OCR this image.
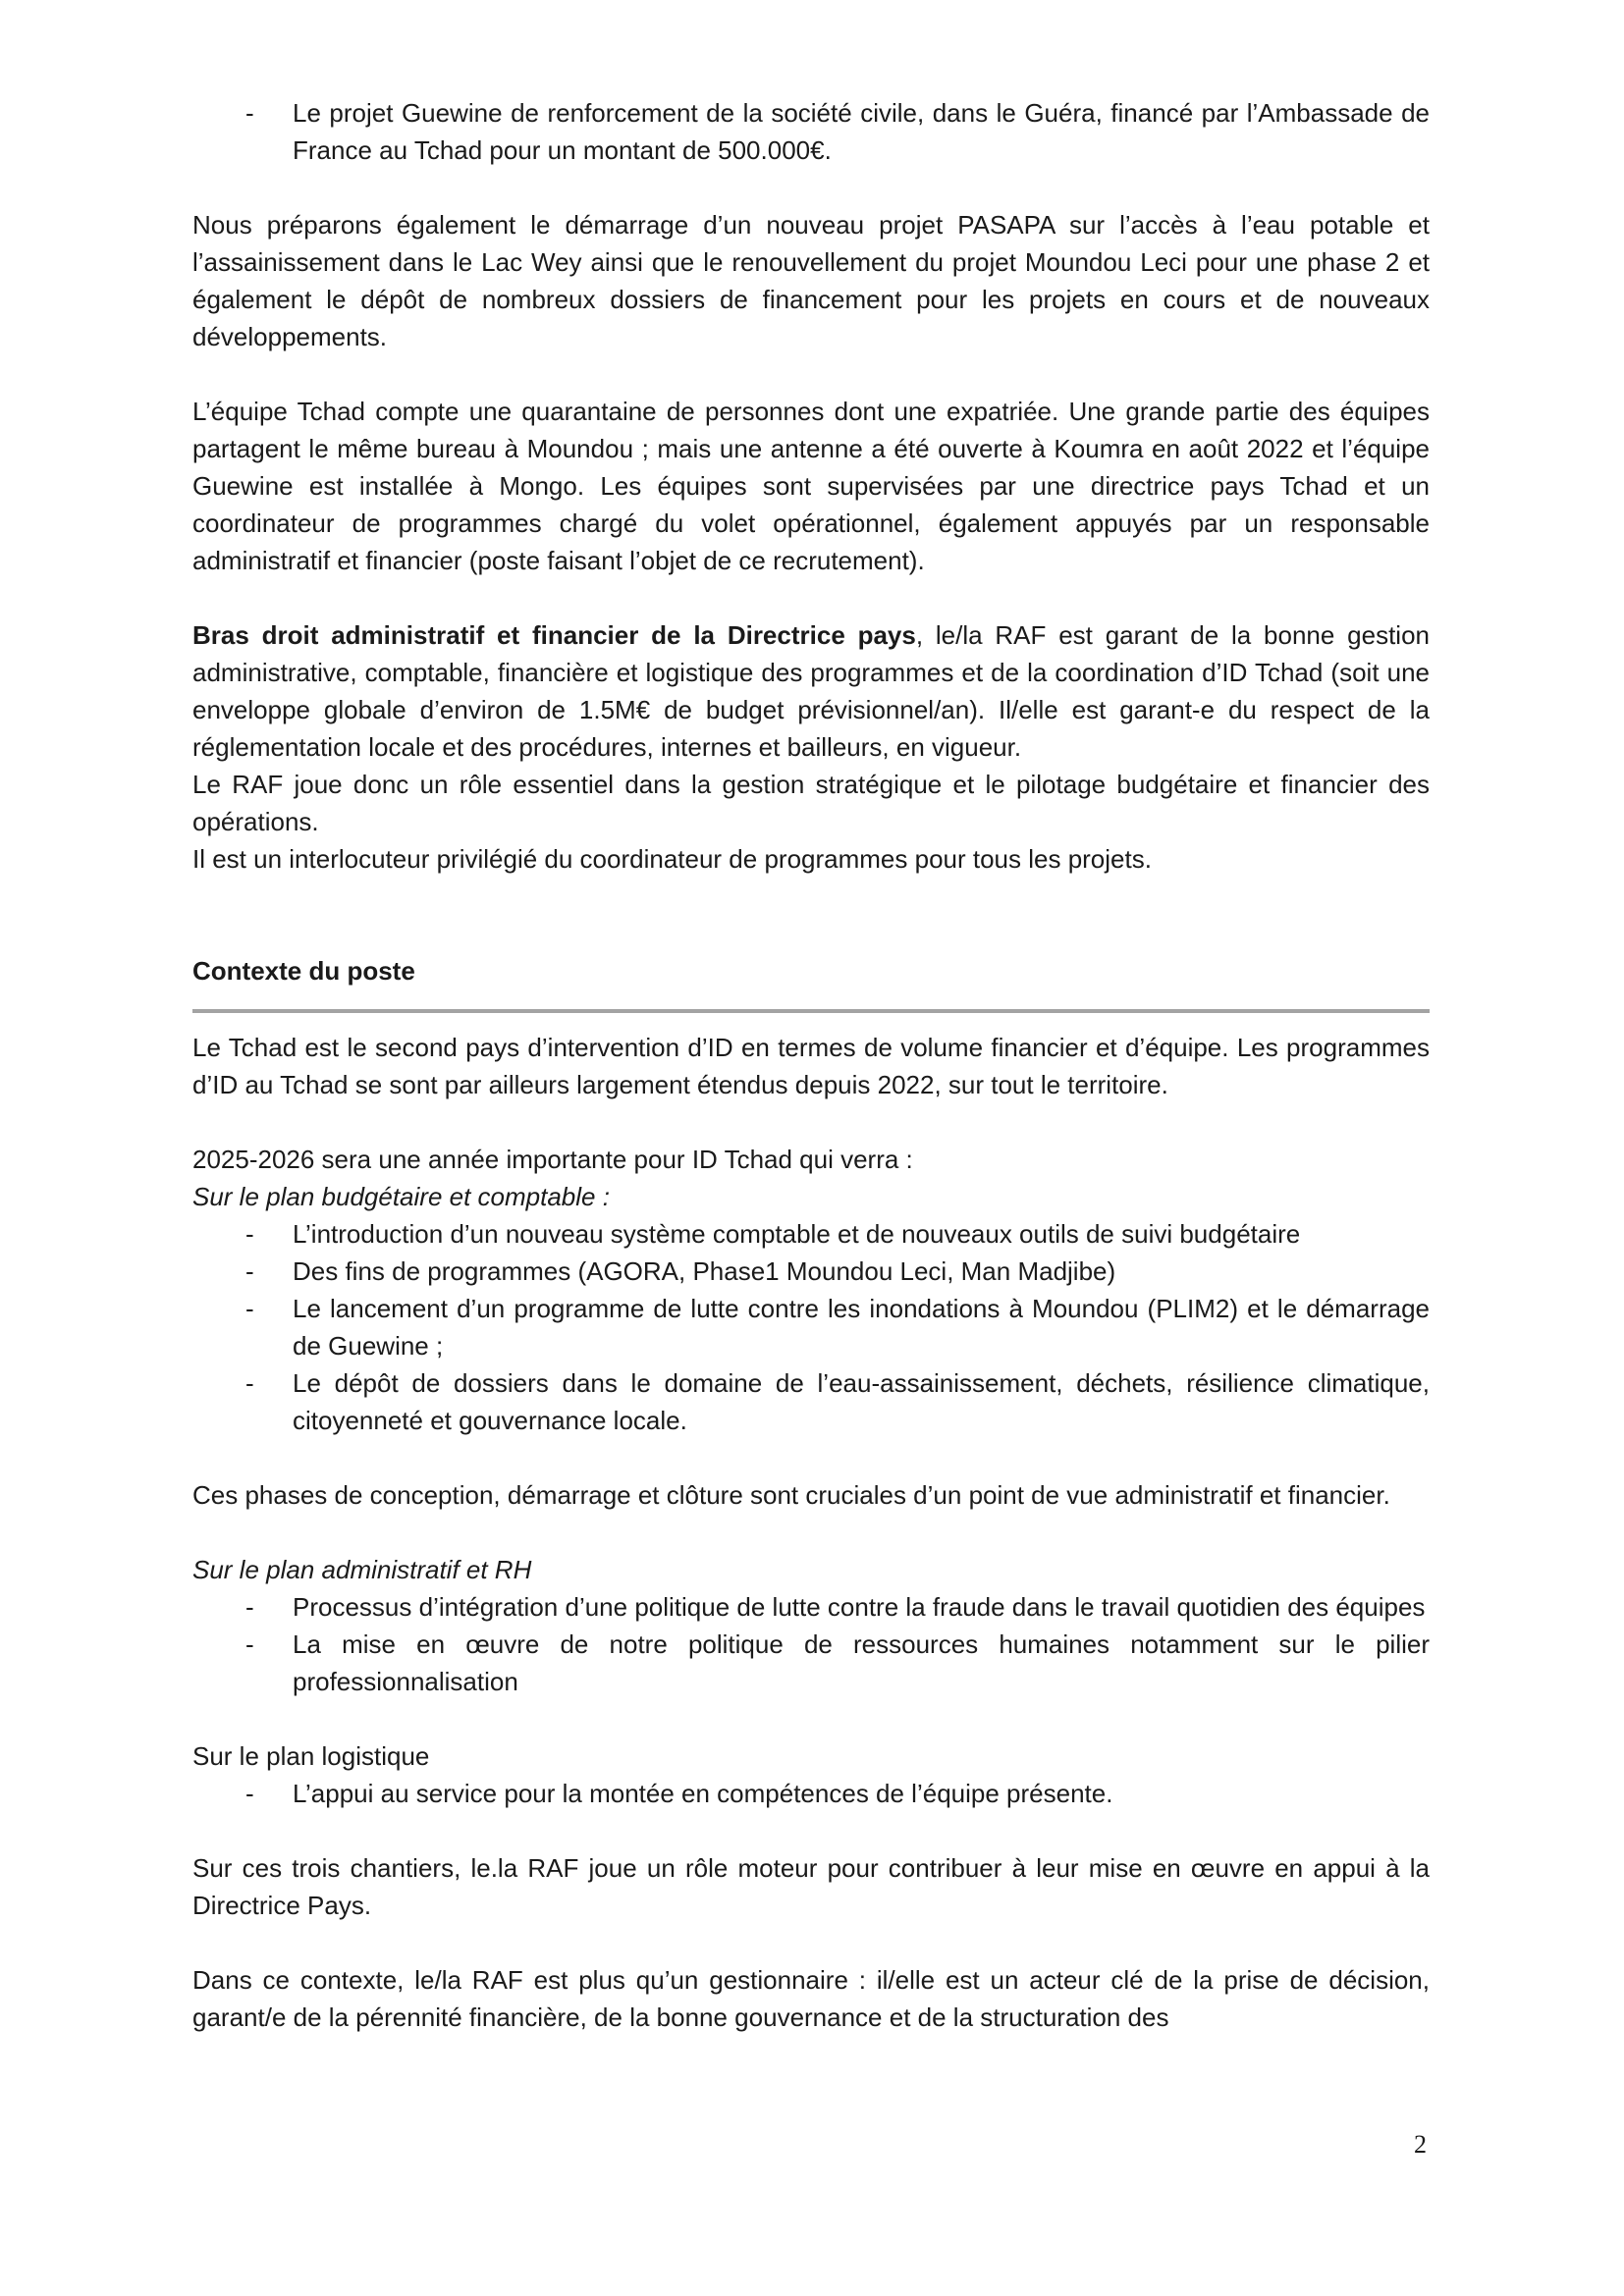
- Le projet Guewine de renforcement de la société civile, dans le Guéra, financé par l’Ambassade de France au Tchad pour un montant de 500.000€.

Nous préparons également le démarrage d’un nouveau projet PASAPA sur l’accès à l’eau potable et l’assainissement dans le Lac Wey ainsi que le renouvellement du projet Moundou Leci pour une phase 2 et également le dépôt de nombreux dossiers de financement pour les projets en cours et de nouveaux développements.

L’équipe Tchad compte une quarantaine de personnes dont une expatriée. Une grande partie des équipes partagent le même bureau à Moundou ; mais une antenne a été ouverte à Koumra en août 2022 et l’équipe Guewine est installée à Mongo. Les équipes sont supervisées par une directrice pays Tchad et un coordinateur de programmes chargé du volet opérationnel, également appuyés par un responsable administratif et financier (poste faisant l’objet de ce recrutement).

Bras droit administratif et financier de la Directrice pays, le/la RAF est garant de la bonne gestion administrative, comptable, financière et logistique des programmes et de la coordination d’ID Tchad (soit une enveloppe globale d’environ de 1.5M€ de budget prévisionnel/an). Il/elle est garant-e du respect de la réglementation locale et des procédures, internes et bailleurs, en vigueur.

Le RAF joue donc un rôle essentiel dans la gestion stratégique et le pilotage budgétaire et financier des opérations.

Il est un interlocuteur privilégié du coordinateur de programmes pour tous les projets.

Contexte du poste

Le Tchad est le second pays d’intervention d’ID en termes de volume financier et d’équipe. Les programmes d’ID au Tchad se sont par ailleurs largement étendus depuis 2022, sur tout le territoire.

2025-2026 sera une année importante pour ID Tchad qui verra :

Sur le plan budgétaire et comptable :

- L’introduction d’un nouveau système comptable et de nouveaux outils de suivi budgétaire
- Des fins de programmes (AGORA, Phase1 Moundou Leci, Man Madjibe)
- Le lancement d’un programme de lutte contre les inondations à Moundou (PLIM2) et le démarrage de Guewine ;
- Le dépôt de dossiers dans le domaine de l’eau-assainissement, déchets, résilience climatique, citoyenneté et gouvernance locale.

Ces phases de conception, démarrage et clôture sont cruciales d’un point de vue administratif et financier.

Sur le plan administratif et RH

- Processus d’intégration d’une politique de lutte contre la fraude dans le travail quotidien des équipes
- La mise en œuvre de notre politique de ressources humaines notamment sur le pilier professionnalisation

Sur le plan logistique

- L’appui au service pour la montée en compétences de l’équipe présente.

Sur ces trois chantiers, le.la RAF joue un rôle moteur pour contribuer à leur mise en œuvre en appui à la Directrice Pays.

Dans ce contexte, le/la RAF est plus qu’un gestionnaire : il/elle est un acteur clé de la prise de décision, garant/e de la pérennité financière, de la bonne gouvernance et de la structuration des

2
